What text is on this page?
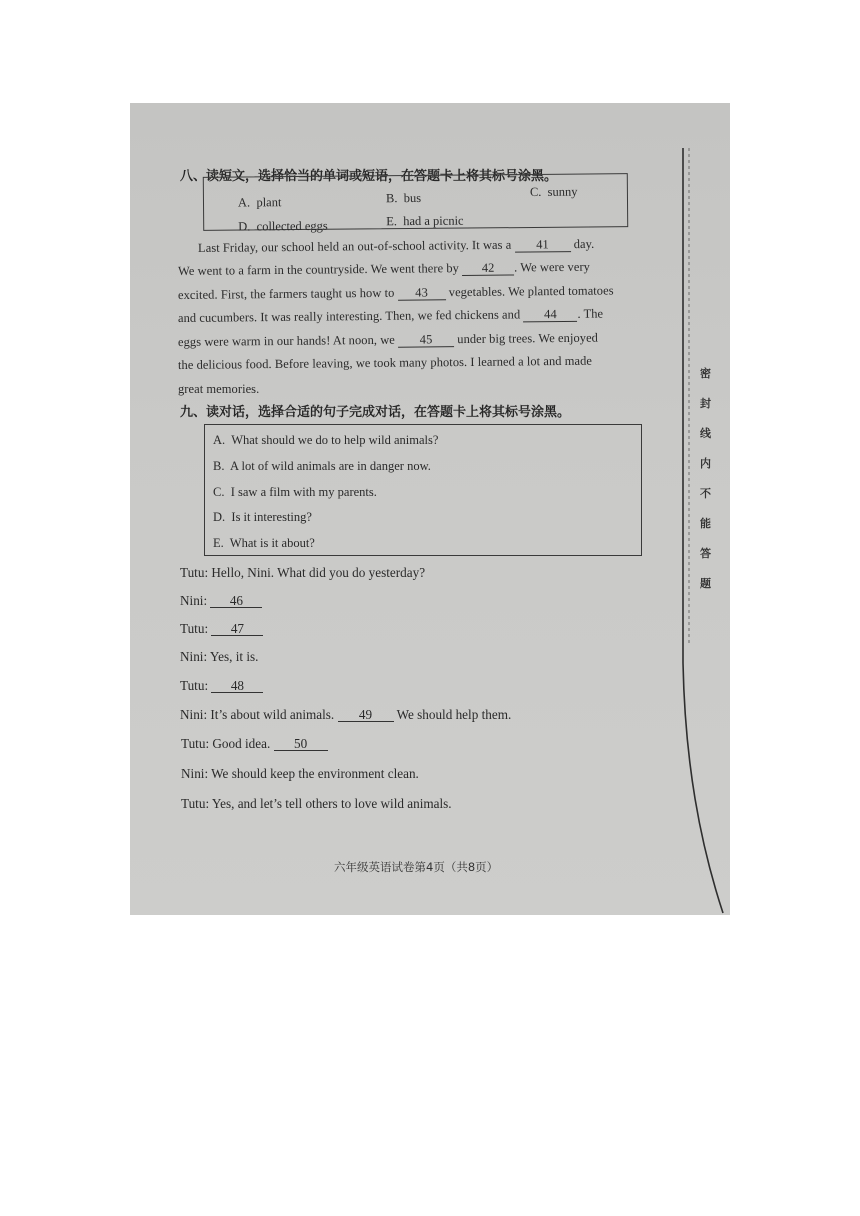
八、读短文，选择恰当的单词或短语，在答题卡上将其标号涂黑。
A. plant	B. bus	C. sunny
D. collected eggs	E. had a picnic
Last Friday, our school held an out-of-school activity. It was a 41 day.
We went to a farm in the countryside. We went there by 42 . We were very
excited. First, the farmers taught us how to 43 vegetables. We planted tomatoes
and cucumbers. It was really interesting. Then, we fed chickens and 44 . The
eggs were warm in our hands! At noon, we 45 under big trees. We enjoyed
the delicious food. Before leaving, we took many photos. I learned a lot and made
great memories.
九、读对话，选择合适的句子完成对话，在答题卡上将其标号涂黑。
A. What should we do to help wild animals?
B. A lot of wild animals are in danger now.
C. I saw a film with my parents.
D. Is it interesting?
E. What is it about?
Tutu: Hello, Nini. What did you do yesterday?
Nini: 46
Tutu: 47
Nini: Yes, it is.
Tutu: 48
Nini: It’s about wild animals. 49 We should help them.
Tutu: Good idea. 50
Nini: We should keep the environment clean.
Tutu: Yes, and let’s tell others to love wild animals.
密
封
线
内
不
能
答
题
六年级英语试卷第4页（共8页）
